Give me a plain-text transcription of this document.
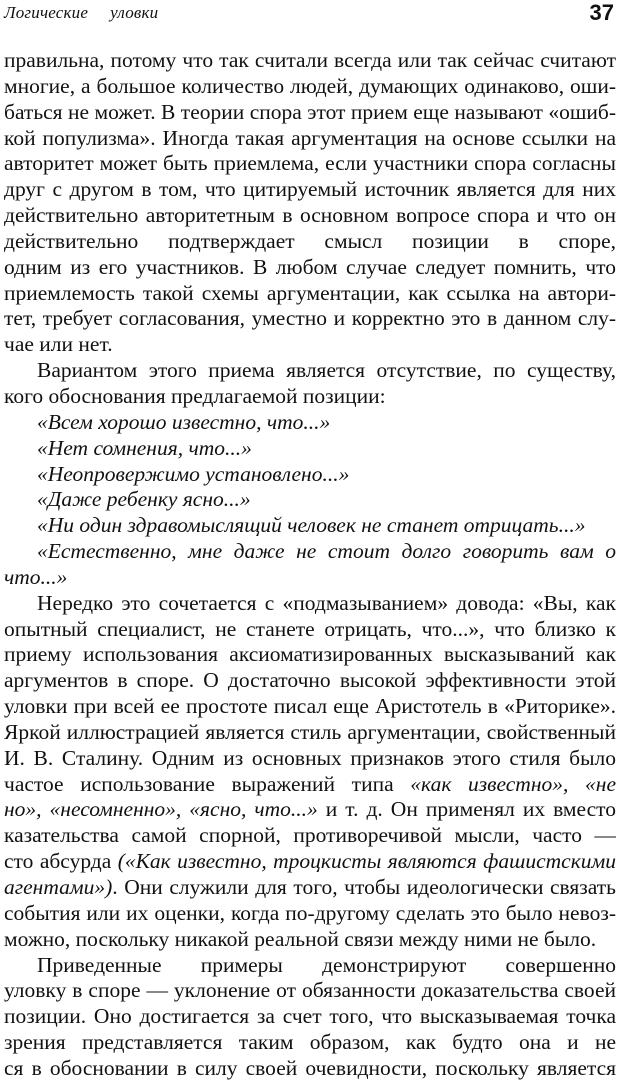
Логические уловки	37
правильна, потому что так считали всегда или так сейчас считают
многие, а большое количество людей, думающих одинаково, оши-
баться не может. В теории спора этот прием еще называют «ошиб-
кой популизма». Иногда такая аргументация на основе ссылки на
авторитет может быть приемлема, если участники спора согласны
друг с другом в том, что цитируемый источник является для них
действительно авторитетным в основном вопросе спора и что он
действительно подтверждает смысл позиции в споре,
одним из его участников. В любом случае следует помнить, что
приемлемость такой схемы аргументации, как ссылка на автори-
тет, требует согласования, уместно и корректно это в данном слу-
чае или нет.
Вариантом этого приема является отсутствие, по существу,
кого обоснования предлагаемой позиции:
«Всем хорошо известно, что...»
«Нет сомнения, что...»
«Неопровержимо установлено...»
«Даже ребенку ясно...»
«Ни один здравомыслящий человек не станет отрицать...»
«Естественно, мне даже не стоит долго говорить вам о
что...»
Нередко это сочетается с «подмазыванием» довода: «Вы, как
опытный специалист, не станете отрицать, что...», что близко к
приему использования аксиоматизированных высказываний как
аргументов в споре. О достаточно высокой эффективности этой
уловки при всей ее простоте писал еще Аристотель в «Риторике».
Яркой иллюстрацией является стиль аргументации, свойственный
И. В. Сталину. Одним из основных признаков этого стиля было
частое использование выражений типа «как известно», «не
но», «несомненно», «ясно, что...» и т. д. Он применял их вместо
казательства самой спорной, противоречивой мысли, часто —
сто абсурда («Как известно, троцкисты являются фашистскими
агентами»). Они служили для того, чтобы идеологически связать
события или их оценки, когда по-другому сделать это было невоз-
можно, поскольку никакой реальной связи между ними не было.
Приведенные примеры демонстрируют совершенно
уловку в споре — уклонение от обязанности доказательства своей
позиции. Оно достигается за счет того, что высказываемая точка
зрения представляется таким образом, как будто она и не
ся в обосновании в силу своей очевидности, поскольку является
